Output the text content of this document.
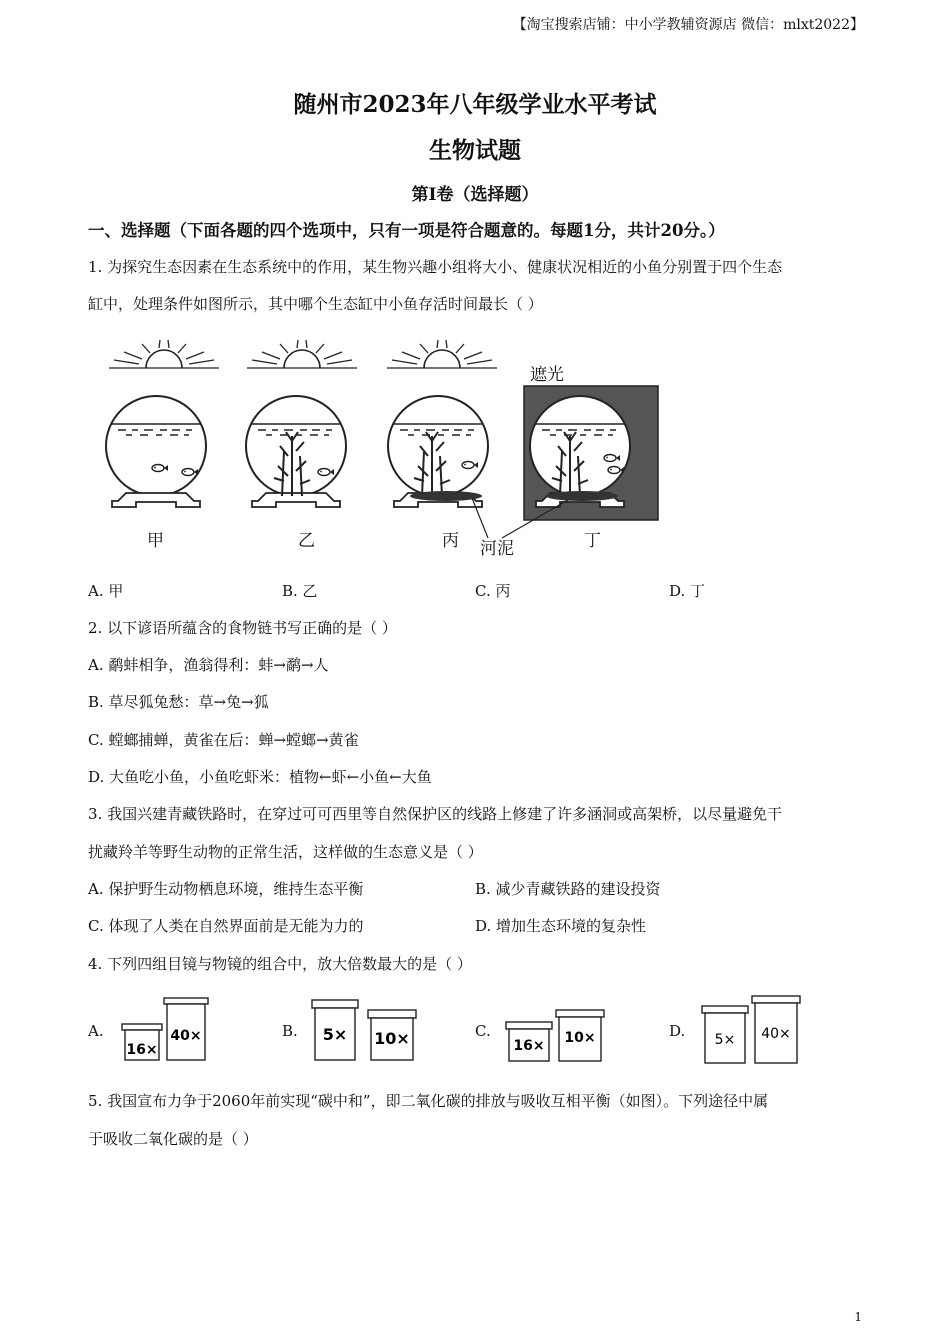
【淘宝搜索店铺：中小学教辅资源店 微信：mlxt2022】
随州市2023年八年级学业水平考试
生物试题
第I卷（选择题）
一、选择题（下面各题的四个选项中，只有一项是符合题意的。每题1分，共计20分。）
1. 为探究生态因素在生态系统中的作用，某生物兴趣小组将大小、健康状况相近的小鱼分别置于四个生态
缸中，处理条件如图所示，其中哪个生态缸中小鱼存活时间最长（ ）
遮光
河泥
甲	乙	丙	丁
A. 甲	B. 乙	C. 丙	D. 丁
2. 以下谚语所蕴含的食物链书写正确的是（ ）
A. 鹬蚌相争，渔翁得利：蚌→鹬→人
B. 草尽狐兔愁：草→兔→狐
C. 螳螂捕蝉，黄雀在后：蝉→螳螂→黄雀
D. 大鱼吃小鱼，小鱼吃虾米：植物←虾←小鱼←大鱼
3. 我国兴建青藏铁路时，在穿过可可西里等自然保护区的线路上修建了许多涵洞或高架桥，以尽量避免干
扰藏羚羊等野生动物的正常生活，这样做的生态意义是（ ）
A. 保护野生动物栖息环境，维持生态平衡	B. 减少青藏铁路的建设投资
C. 体现了人类在自然界面前是无能为力的	D. 增加生态环境的复杂性
4. 下列四组目镜与物镜的组合中，放大倍数最大的是（ ）
A.
16×
40×	B. 5× 10×	C.
16× 10×	D. 5× 40×
5. 我国宣布力争于2060年前实现“碳中和”，即二氧化碳的排放与吸收互相平衡（如图）。下列途径中属
于吸收二氧化碳的是（ ）
1
